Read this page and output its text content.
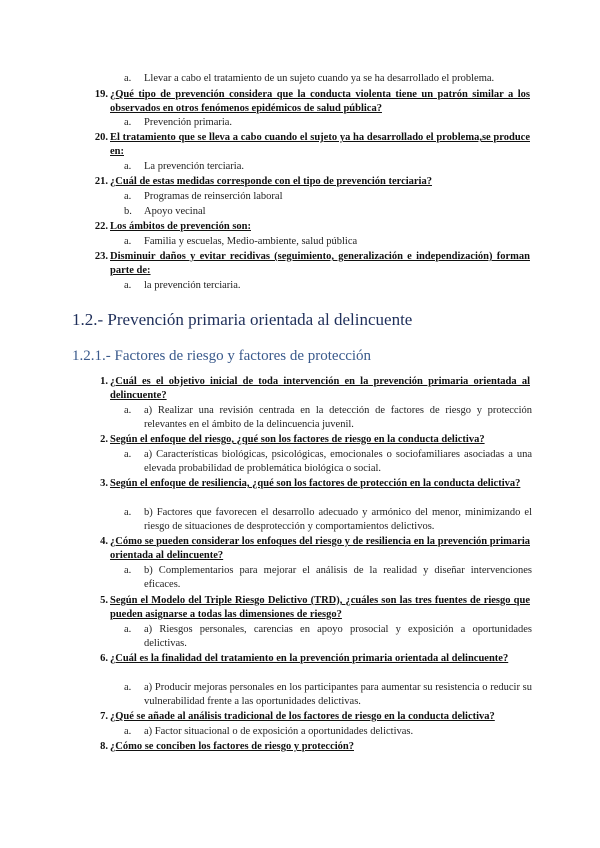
a.	Llevar a cabo el tratamiento de un sujeto cuando ya se ha desarrollado el problema.
19. ¿Qué tipo de prevención considera que la conducta violenta tiene un patrón similar a los observados en otros fenómenos epidémicos de salud pública?
a.	Prevención primaria.
20. El tratamiento que se lleva a cabo cuando el sujeto ya ha desarrollado el problema,se produce en:
a.	La prevención terciaria.
21. ¿Cuál de estas medidas corresponde con el tipo de prevención terciaria?
a.	Programas de reinserción laboral
b.	Apoyo vecinal
22. Los ámbitos de prevención son:
a.	Familia y escuelas, Medio-ambiente, salud pública
23. Disminuir daños y evitar recidivas (seguimiento, generalización e independización) forman parte de:
a.	la prevención terciaria.
1.2.- Prevención primaria orientada al delincuente
1.2.1.- Factores de riesgo y factores de protección
1. ¿Cuál es el objetivo inicial de toda intervención en la prevención primaria orientada al delincuente?
a.	a) Realizar una revisión centrada en la detección de factores de riesgo y protección relevantes en el ámbito de la delincuencia juvenil.
2. Según el enfoque del riesgo, ¿qué son los factores de riesgo en la conducta delictiva?
a.	a) Características biológicas, psicológicas, emocionales o sociofamiliares asociadas a una elevada probabilidad de problemática biológica o social.
3. Según el enfoque de resiliencia, ¿qué son los factores de protección en la conducta delictiva?
a.	b) Factores que favorecen el desarrollo adecuado y armónico del menor, minimizando el riesgo de situaciones de desprotección y comportamientos delictivos.
4. ¿Cómo se pueden considerar los enfoques del riesgo y de resiliencia en la prevención primaria orientada al delincuente?
a.	b) Complementarios para mejorar el análisis de la realidad y diseñar intervenciones eficaces.
5. Según el Modelo del Triple Riesgo Delictivo (TRD), ¿cuáles son las tres fuentes de riesgo que pueden asignarse a todas las dimensiones de riesgo?
a.	a) Riesgos personales, carencias en apoyo prosocial y exposición a oportunidades delictivas.
6. ¿Cuál es la finalidad del tratamiento en la prevención primaria orientada al delincuente?
a.	a) Producir mejoras personales en los participantes para aumentar su resistencia o reducir su vulnerabilidad frente a las oportunidades delictivas.
7. ¿Qué se añade al análisis tradicional de los factores de riesgo en la conducta delictiva?
a.	a) Factor situacional o de exposición a oportunidades delictivas.
8. ¿Cómo se conciben los factores de riesgo y protección?
